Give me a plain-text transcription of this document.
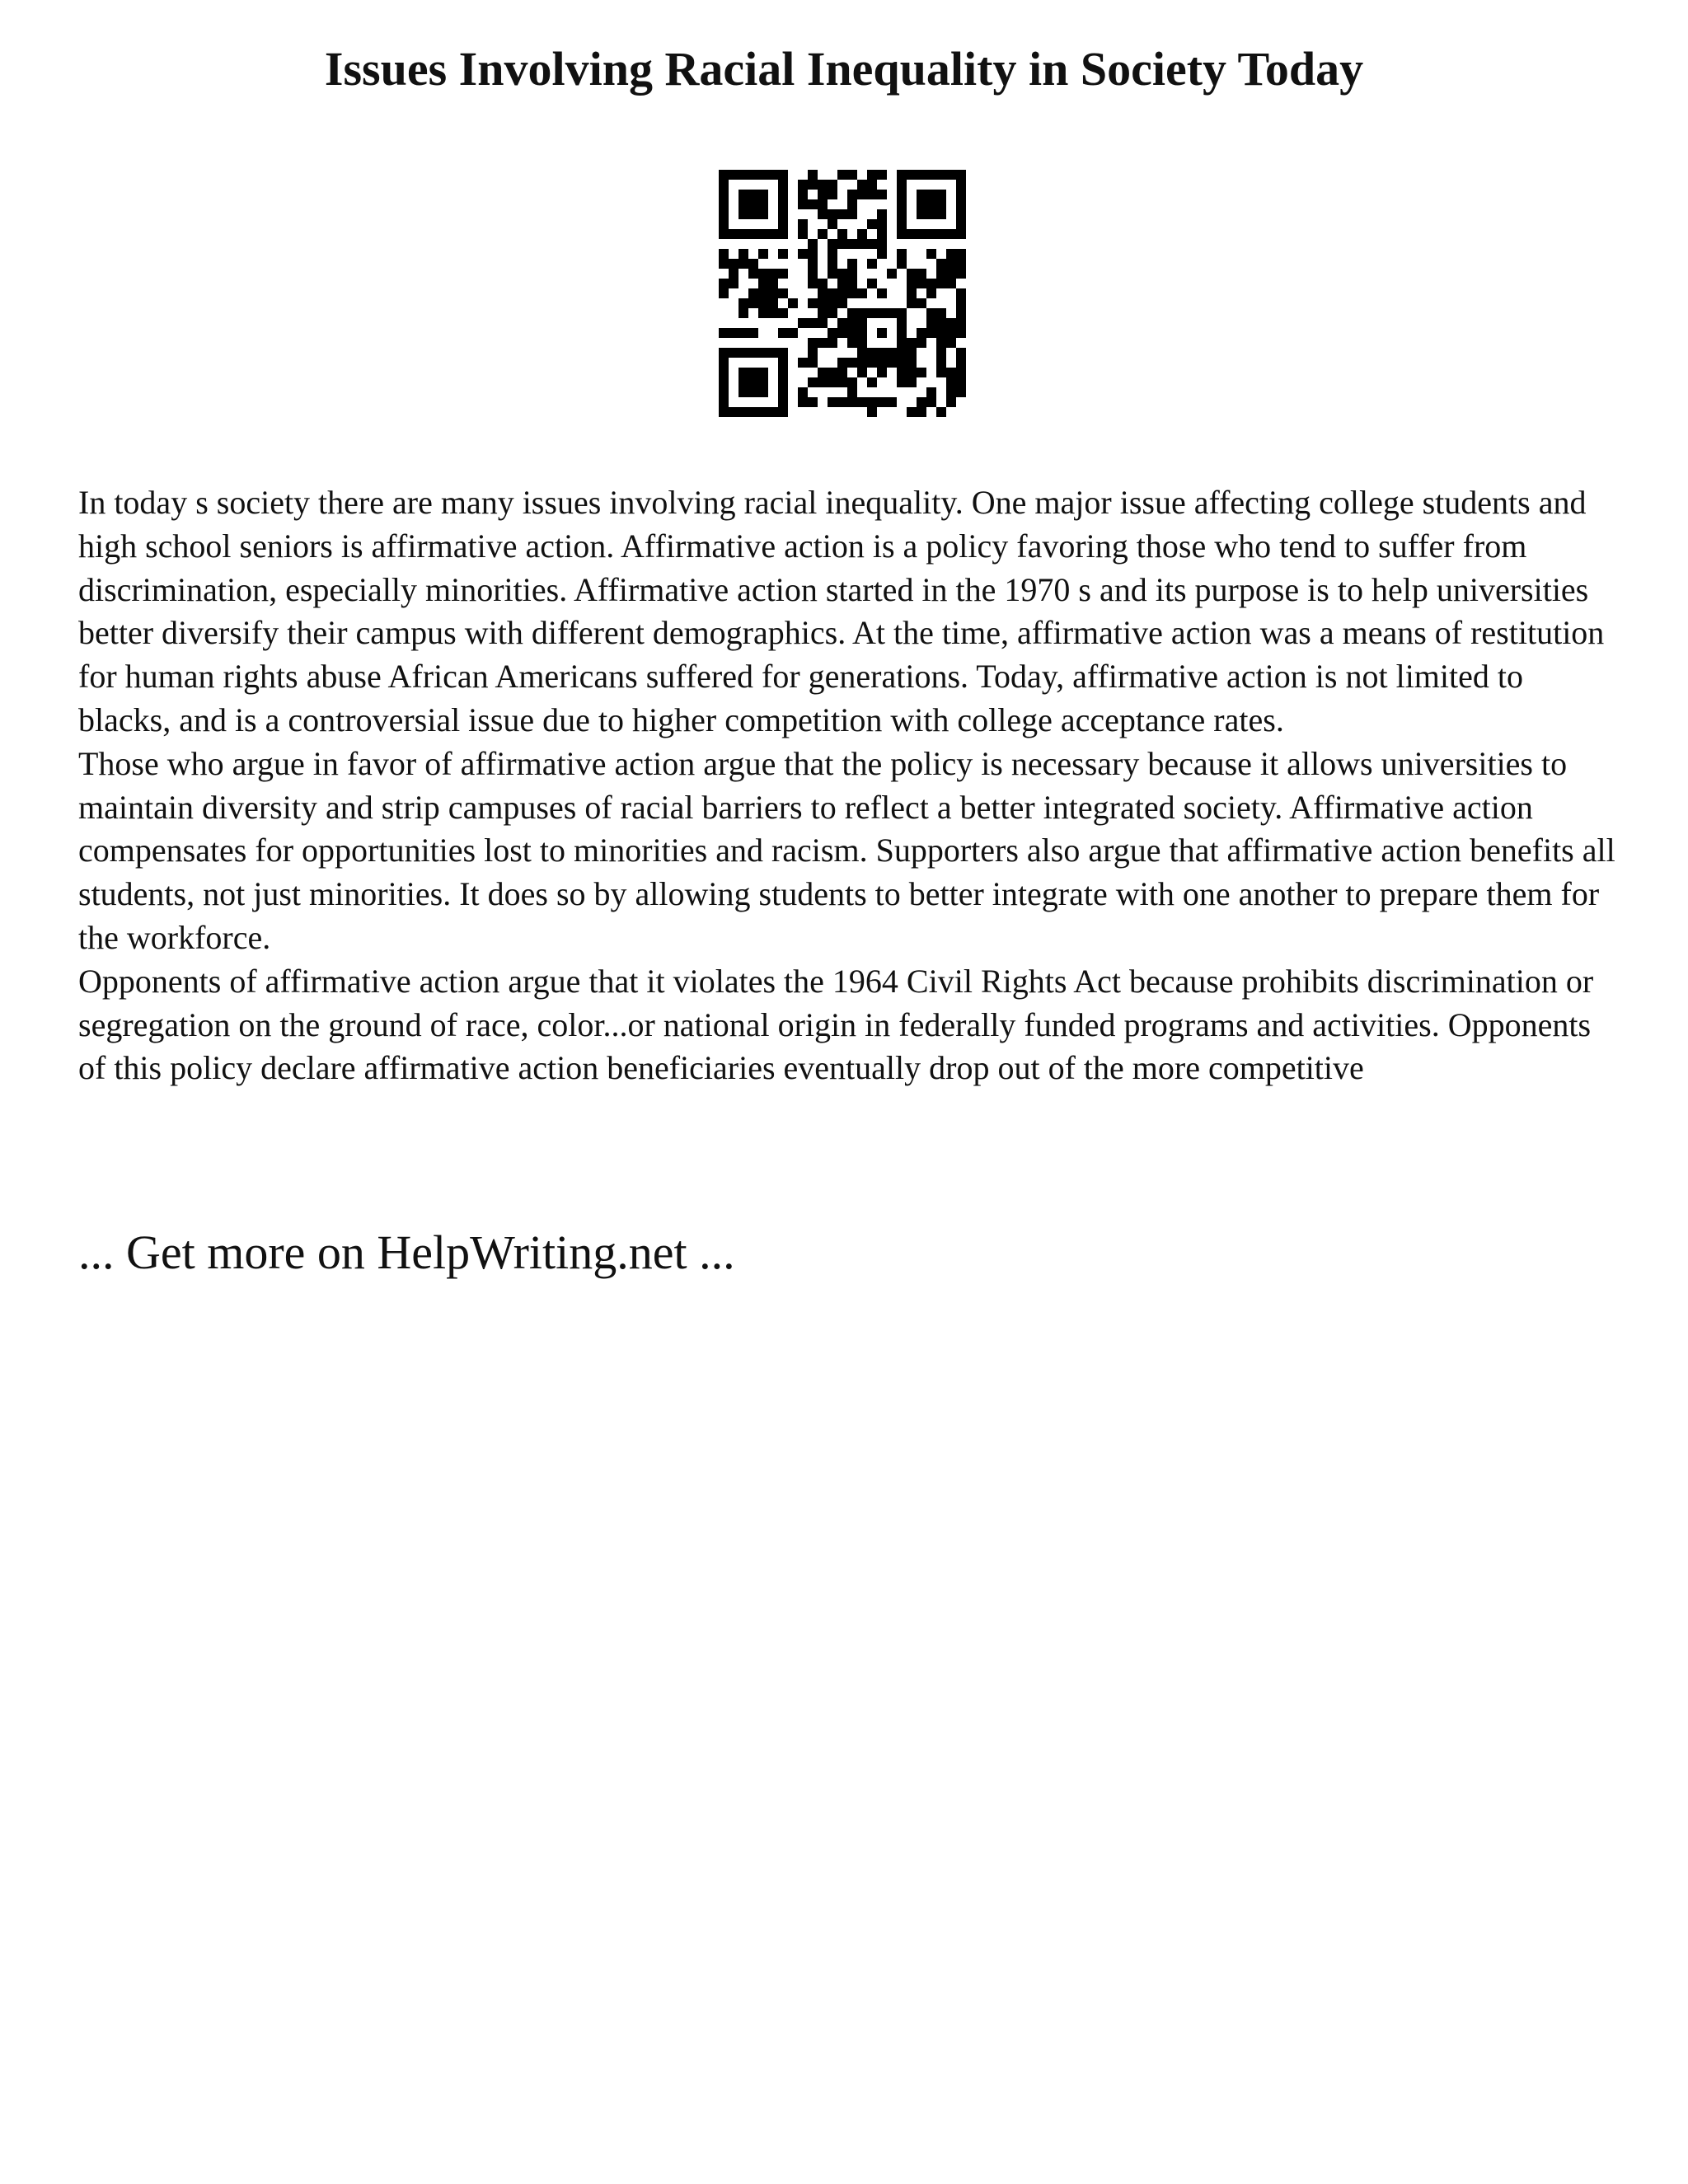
Issues Involving Racial Inequality in Society Today

In today s society there are many issues involving racial inequality. One major issue affecting college students and high school seniors is affirmative action. Affirmative action is a policy favoring those who tend to suffer from discrimination, especially minorities. Affirmative action started in the 1970 s and its purpose is to help universities better diversify their campus with different demographics. At the time, affirmative action was a means of restitution for human rights abuse African Americans suffered for generations. Today, affirmative action is not limited to blacks, and is a controversial issue due to higher competition with college acceptance rates.

Those who argue in favor of affirmative action argue that the policy is necessary because it allows universities to maintain diversity and strip campuses of racial barriers to reflect a better integrated society. Affirmative action compensates for opportunities lost to minorities and racism. Supporters also argue that affirmative action benefits all students, not just minorities. It does so by allowing students to better integrate with one another to prepare them for the workforce.

Opponents of affirmative action argue that it violates the 1964 Civil Rights Act because prohibits discrimination or segregation on the ground of race, color...or national origin in federally funded programs and activities. Opponents of this policy declare affirmative action beneficiaries eventually drop out of the more competitive

... Get more on HelpWriting.net ...
